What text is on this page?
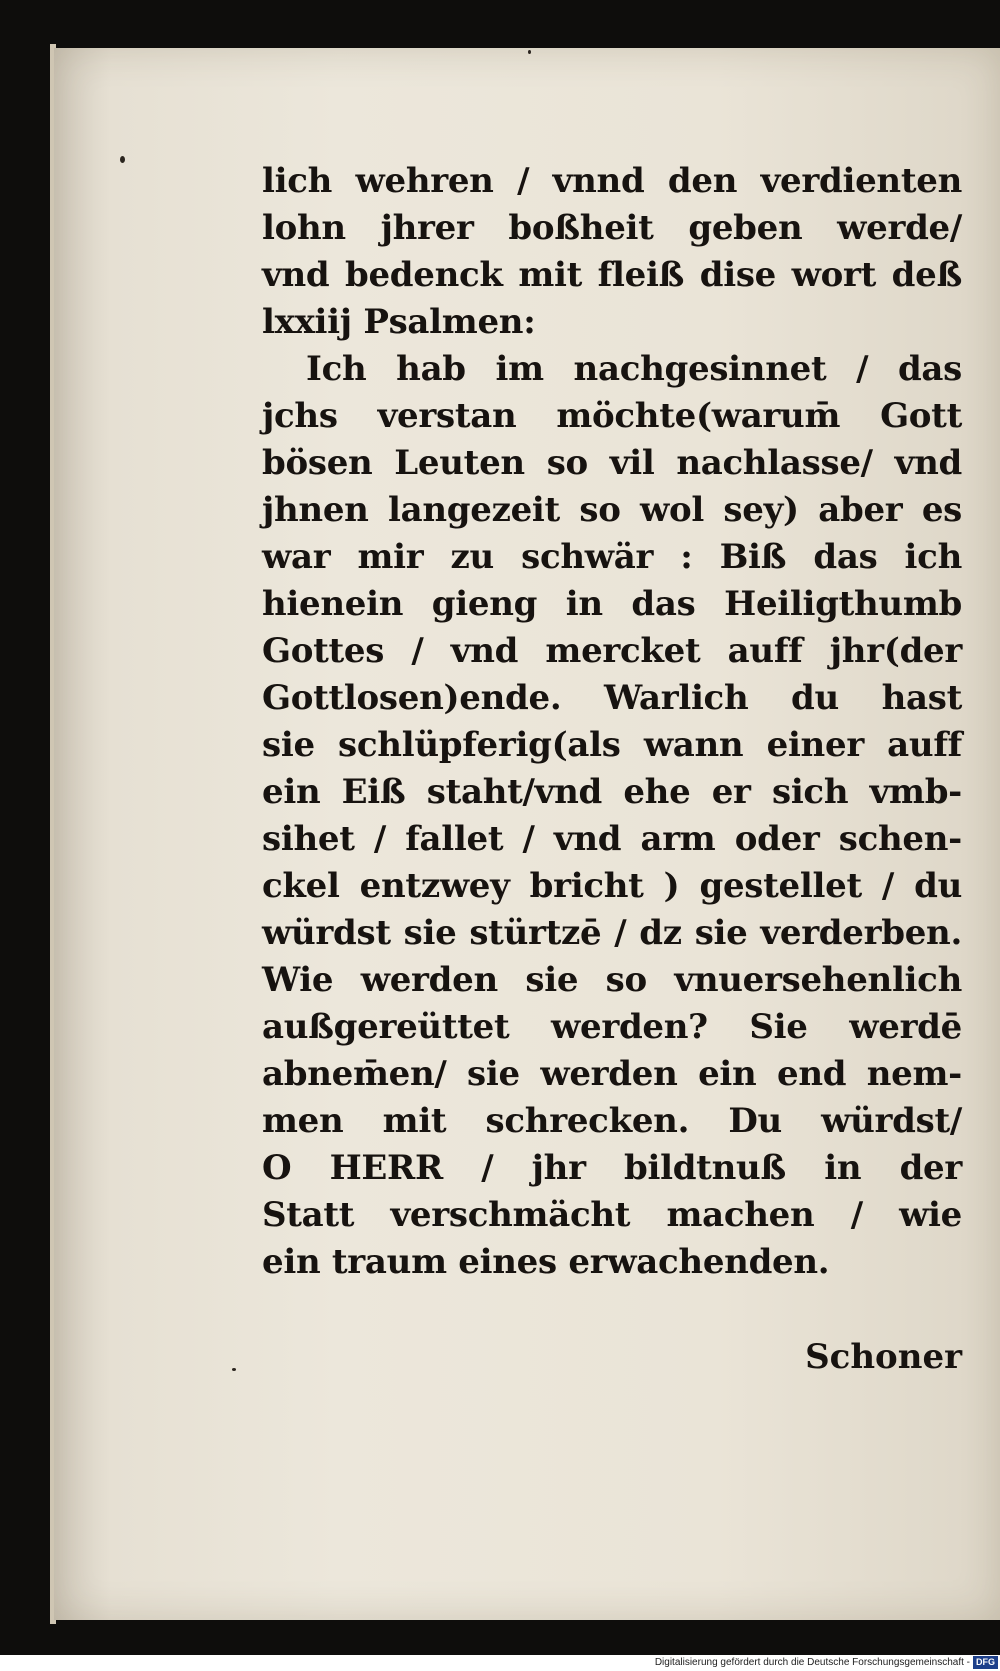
lich wehren / vnnd den verdienten
lohn jhrer boßheit geben werde/
vnd bedenck mit fleiß dise wort deß
lxxiij Psalmen:
Ich hab im nachgesinnet / das
jchs verstan möchte(warum̄ Gott
bösen Leuten so vil nachlasse/ vnd
jhnen langezeit so wol sey) aber es
war mir zu schwär : Biß das ich
hienein gieng in das Heiligthumb
Gottes / vnd mercket auff jhr(der
Gottlosen)ende. Warlich du hast
sie schlüpferig(als wann einer auff
ein Eiß staht/vnd ehe er sich vmb-
sihet / fallet / vnd arm oder schen-
ckel entzwey bricht ) gestellet / du
würdst sie stürtzē / dz sie verderben.
Wie werden sie so vnuersehenlich
außgereüttet werden? Sie werdē
abnem̄en/ sie werden ein end nem-
men mit schrecken. Du würdst/
O HERR / jhr bildtnuß in der
Statt verschmächt machen / wie
ein traum eines erwachenden.
Schoner
Digitalisierung gefördert durch die Deutsche Forschungsgemeinschaft - DFG
